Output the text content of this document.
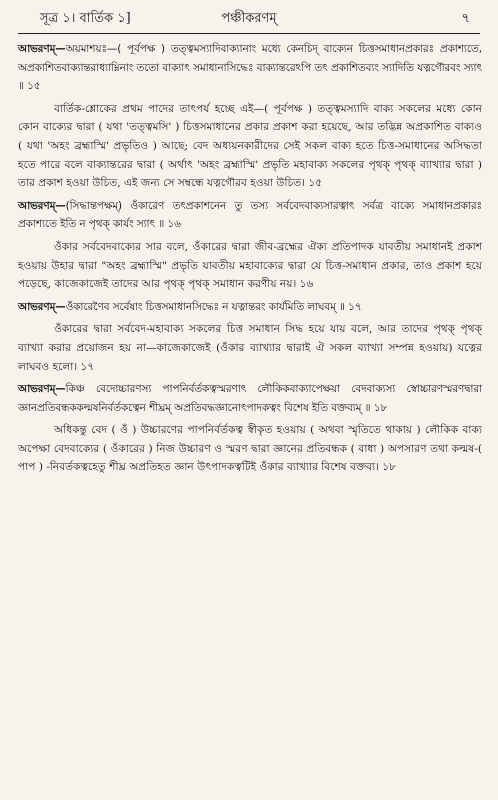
সূত্র ১। বার্তিক ১]	পঞ্চীকরণম্	৭

আভরণম্—অয়মাশয়ঃ—( পূর্বপক্ষ ) তত্ত্বমস্যাদিবাক্যানাং মধ্যে কেনচিদ্ বাক্যেন চিত্তসমাধানপ্রকারঃ প্রকাশ্যতে, অপ্রকাশিতবাক্যান্তরাধ্যাম্নিনাং ততো বাক্যাৎ সমাধানাসিদ্ধেঃ বাক্যান্তরেঽপি তৎ প্রকাশিতব্যং স্যাদিতি যত্নগৌরবং স্যাৎ ॥ ১৫

বার্তিক-শ্লোকের প্রথম পাদের তাৎপর্য হচ্ছে এই—( পূর্বপক্ষ ) তত্ত্বমস্যাদি বাক্য সকলের মধ্যে কোন কোন বাক্যের দ্বারা ( যথা 'তত্ত্বমসি' ) চিত্তসমাধানের প্রকার প্রকাশ করা হয়েছে, আর তদ্ভিন্ন অপ্রকাশিত বাক্যও ( যথা 'অহং ব্রহ্মাস্মি' প্রভৃতিও ) আছে; বেদ অধ্যয়নকারীদের সেই সকল বাক্য হতে চিত্ত-সমাধানের অসিদ্ধতা হতে পারে বলে বাক্যান্তরের দ্বারা ( অর্থাৎ 'অহং ব্রহ্মাস্মি' প্রভৃতি মহাবাক্য সকলের পৃথক্ পৃথক্ ব্যাখ্যার দ্বারা ) তার প্রকাশ হওয়া উচিত, এই জন্য সে সম্বন্ধে যত্নগৌরব হওয়া উচিত। ১৫

আভরণম্—(সিদ্ধান্তপক্ষম্) ওঁকারেণ তৎপ্রকাশনেন তু তস্য সর্ববেদবাক্যসারত্বাৎ সর্বত্র বাক্যে সমাধানপ্রকারঃ প্রকাশ্যতে ইতি ন পৃথক্ কার্যং স্যাৎ ॥ ১৬

ওঁকার সর্ববেদবাক্যের সার বলে, ওঁকারের দ্বারা জীব-ব্রহ্মের ঐক্য প্রতিপাদক যাবতীয় সমাধানই প্রকাশ হওয়ায় উহার দ্বারা "অহং ব্রহ্মাস্মি" প্রভৃতি যাবতীয় মহাবাক্যের দ্বারা যে চিত্ত-সমাধান প্রকার, তাও প্রকাশ হয়ে পড়েছে, কাজেকাজেই তাদের আর পৃথক্ পৃথক্ সমাধান করণীয় নয়। ১৬

আভরণম্—ওঁকারেণৈব সর্বেষাং চিত্তসমাধানসিদ্ধেঃ ন যত্নান্তরং কার্যমিতি লাঘবম্ ॥ ১৭

ওঁকারের দ্বারা সর্ববেদ-মহাবাক্য সকলের চিত্ত সমাধান সিদ্ধ হয়ে যায় বলে, আর তাদের পৃথক্ পৃথক্ ব্যাখ্যা করার প্রয়োজন হয় না—কাজেকাজেই (ওঁকার ব্যাখ্যার দ্বারাই ঐ সকল ব্যাখ্যা সম্পন্ন হওয়ায়) যত্নের লাঘবও হলো। ১৭

আভরণম্—কিঞ্চ বেদোচ্চারণস্য পাপনির্বর্তকত্বস্মরণাৎ লৌকিকবাক্যাপেক্ষয়া বেদবাক্যস্য স্বোচ্চারণস্মরণদ্বারা জ্ঞানপ্রতিবন্ধককল্মষনির্বর্তকত্বেন শীঘ্রম্ অপ্রতিবদ্ধজ্ঞানোৎপাদকত্বং বিশেষ ইতি বক্তব্যম্ ॥ ১৮

অধিকন্তু বেদ ( ওঁ ) উচ্চারণের পাপনির্বর্তকত্ব স্বীকৃত হওয়ায় ( অথবা স্মৃতিতে থাকায় ) লৌকিক বাক্য অপেক্ষা বেদবাক্যের ( ওঁকারের ) নিজ উচ্চারণ ও স্মরণ দ্বারা জ্ঞানের প্রতিবন্ধক ( বাধা ) অপসারণ তথা কল্মষ-( পাপ ) -নিবর্তকত্বহেতু শীঘ্র অপ্রতিহত জ্ঞান উৎপাদকত্বটিই ওঁকার ব্যাখ্যার বিশেষ বক্তব্য। ১৮
